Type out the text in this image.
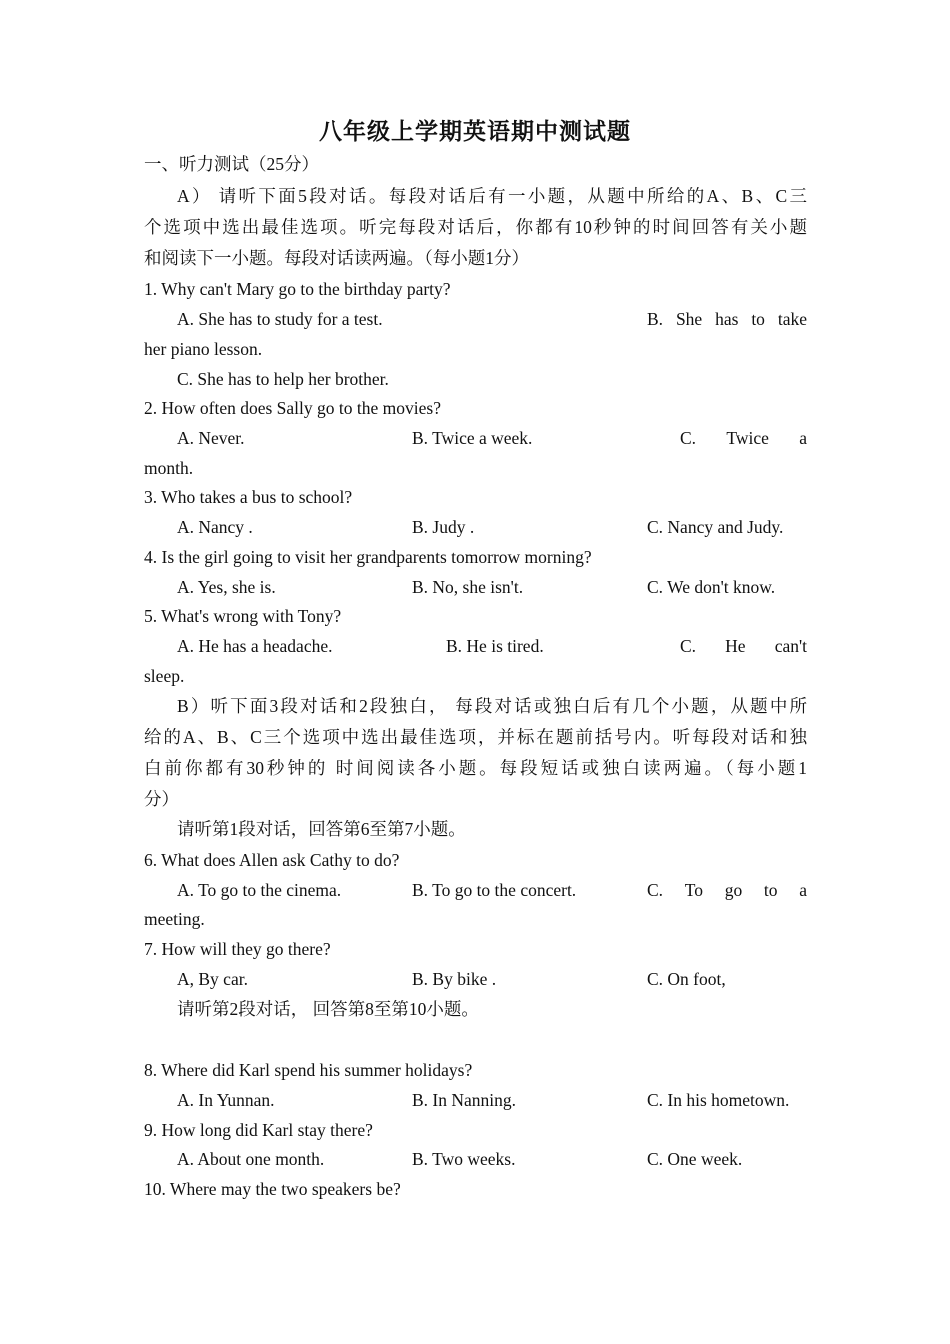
八年级上学期英语期中测试题
一、听力测试（25分）
A） 请听下面5段对话。每段对话后有一小题，从题中所给的A、B、C三
个选项中选出最佳选项。听完每段对话后，你都有10秒钟的时间回答有关小题
和阅读下一小题。每段对话读两遍。（每小题1分）
1. Why can't Mary go to the birthday party?
A. She has to study for a test.	B. She has to take
her piano lesson.
C. She has to help her brother.
2. How often does Sally go to the movies?
A. Never.	B. Twice a week.	C. Twice a
month.
3. Who takes a bus to school?
A. Nancy .	B. Judy .	C. Nancy and Judy.
4. Is the girl going to visit her grandparents tomorrow morning?
A. Yes, she is.	B. No, she isn't.	C. We don't know.
5. What's wrong with Tony?
A. He has a headache.	B. He is tired.	C. He can't
sleep.
B）听下面3段对话和2段独白， 每段对话或独白后有几个小题，从题中所
给的A、B、C三个选项中选出最佳选项，并标在题前括号内。听每段对话和独
白前你都有30秒钟的 时间阅读各小题。每段短话或独白读两遍。（每小题1
分）
请听第1段对话，回答第6至第7小题。
6. What does Allen ask Cathy to do?
A. To go to the cinema.	B. To go to the concert.	C. To go to a
meeting.
7. How will they go there?
A, By car.	B. By bike .	C. On foot,
请听第2段对话， 回答第8至第10小题。
8. Where did Karl spend his summer holidays?
A. In Yunnan.	B. In Nanning.	C. In his hometown.
9. How long did Karl stay there?
A. About one month.	B. Two weeks.	C. One week.
10. Where may the two speakers be?
